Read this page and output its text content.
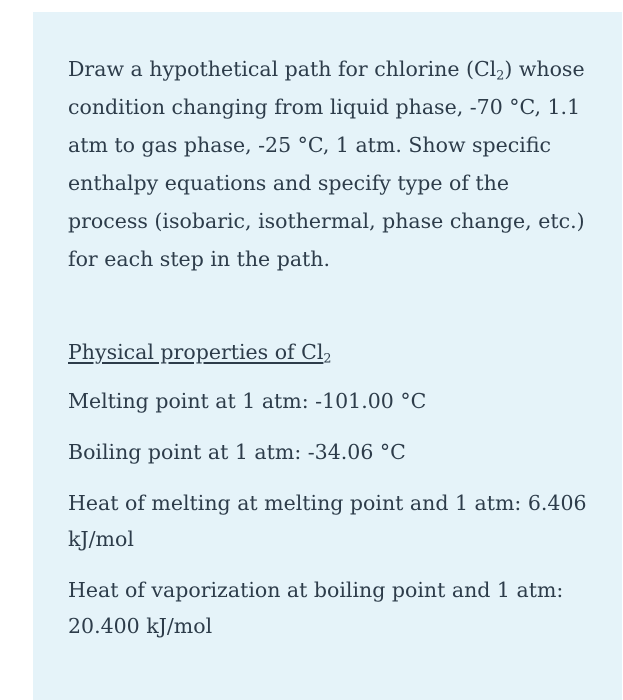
Draw a hypothetical path for chlorine $(Cl_2)$ whose condition changing from liquid phase, -70 °C, 1.1 atm to gas phase, -25 °C, 1 atm. Show specific enthalpy equations and specify type of the process (isobaric, isothermal, phase change, etc.) for each step in the path.

Physical properties of $Cl_2$

Melting point at 1 atm: -101.00 °C

Boiling point at 1 atm: -34.06 °C

Heat of melting at melting point and 1 atm: 6.406 kJ/mol

Heat of vaporization at boiling point and 1 atm: 20.400 kJ/mol
